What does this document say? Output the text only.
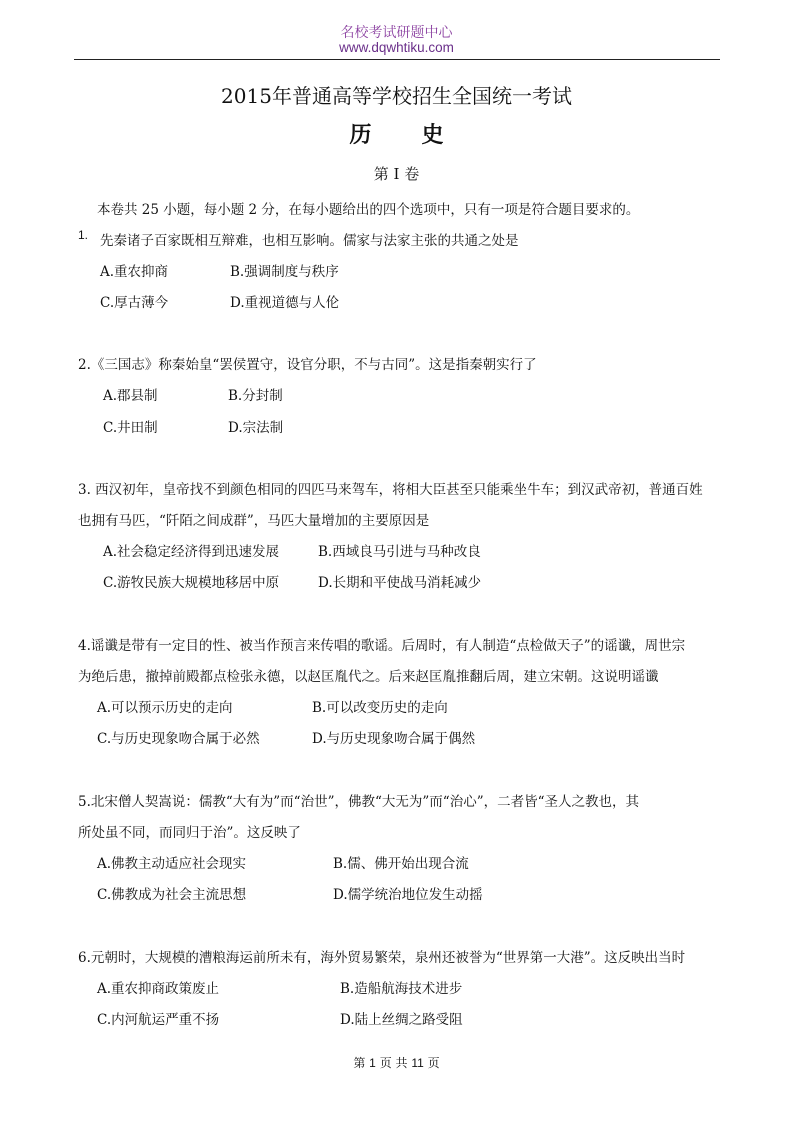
名校考试研题中心
www.dqwhtiku.com
2015年普通高等学校招生全国统一考试
历史
第 I 卷
本卷共 25 小题，每小题 2 分，在每小题给出的四个选项中，只有一项是符合题目要求的。
1. 先秦诸子百家既相互辩难，也相互影响。儒家与法家主张的共通之处是
A.重农抑商	B.强调制度与秩序
C.厚古薄今	D.重视道德与人伦
2.《三国志》称秦始皇“罢侯置守，设官分职，不与古同”。这是指秦朝实行了
A.郡县制	B.分封制
C.井田制	D.宗法制
3. 西汉初年，皇帝找不到颜色相同的四匹马来驾车，将相大臣甚至只能乘坐牛车；到汉武帝初，普通百姓
也拥有马匹，“阡陌之间成群”，马匹大量增加的主要原因是
A.社会稳定经济得到迅速发展	B.西域良马引进与马种改良
C.游牧民族大规模地移居中原	D.长期和平使战马消耗减少
4.谣谶是带有一定目的性、被当作预言来传唱的歌谣。后周时，有人制造“点检做天子”的谣谶，周世宗
为绝后患，撤掉前殿都点检张永德，以赵匡胤代之。后来赵匡胤推翻后周，建立宋朝。这说明谣谶
A.可以预示历史的走向	B.可以改变历史的走向
C.与历史现象吻合属于必然	D.与历史现象吻合属于偶然
5.北宋僧人契嵩说：儒教“大有为”而“治世”，佛教“大无为”而“治心”，二者皆“圣人之教也，其
所处虽不同，而同归于治”。这反映了
A.佛教主动适应社会现实	B.儒、佛开始出现合流
C.佛教成为社会主流思想	D.儒学统治地位发生动摇
6.元朝时，大规模的漕粮海运前所未有，海外贸易繁荣，泉州还被誉为“世界第一大港”。这反映出当时
A.重农抑商政策废止	B.造船航海技术进步
C.内河航运严重不扬	D.陆上丝绸之路受阻
第 1 页 共 11 页
